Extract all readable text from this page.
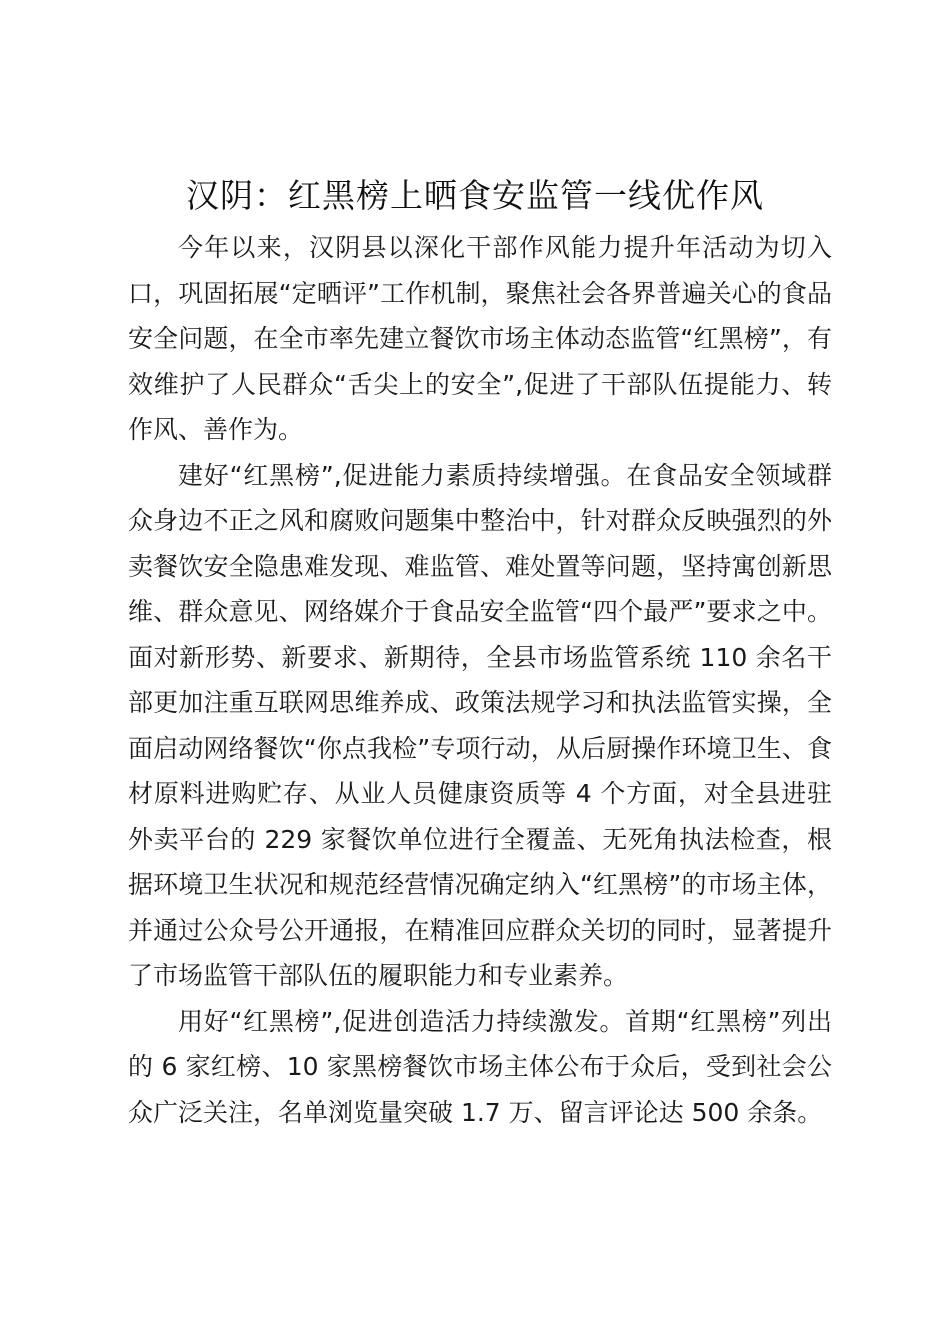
汉阴：红黑榜上晒食安监管一线优作风

今年以来，汉阴县以深化干部作风能力提升年活动为切入口，巩固拓展“定晒评”工作机制，聚焦社会各界普遍关心的食品安全问题，在全市率先建立餐饮市场主体动态监管“红黑榜”，有效维护了人民群众“舌尖上的安全”,促进了干部队伍提能力、转作风、善作为。

建好“红黑榜”,促进能力素质持续增强。在食品安全领域群众身边不正之风和腐败问题集中整治中，针对群众反映强烈的外卖餐饮安全隐患难发现、难监管、难处置等问题，坚持寓创新思维、群众意见、网络媒介于食品安全监管“四个最严”要求之中。面对新形势、新要求、新期待，全县市场监管系统 110 余名干部更加注重互联网思维养成、政策法规学习和执法监管实操，全面启动网络餐饮“你点我检”专项行动，从后厨操作环境卫生、食材原料进购贮存、从业人员健康资质等 4 个方面，对全县进驻外卖平台的 229 家餐饮单位进行全覆盖、无死角执法检查，根据环境卫生状况和规范经营情况确定纳入“红黑榜”的市场主体，并通过公众号公开通报，在精准回应群众关切的同时，显著提升了市场监管干部队伍的履职能力和专业素养。

用好“红黑榜”,促进创造活力持续激发。首期“红黑榜”列出的 6 家红榜、10 家黑榜餐饮市场主体公布于众后，受到社会公众广泛关注，名单浏览量突破 1.7 万、留言评论达 500 余条。
